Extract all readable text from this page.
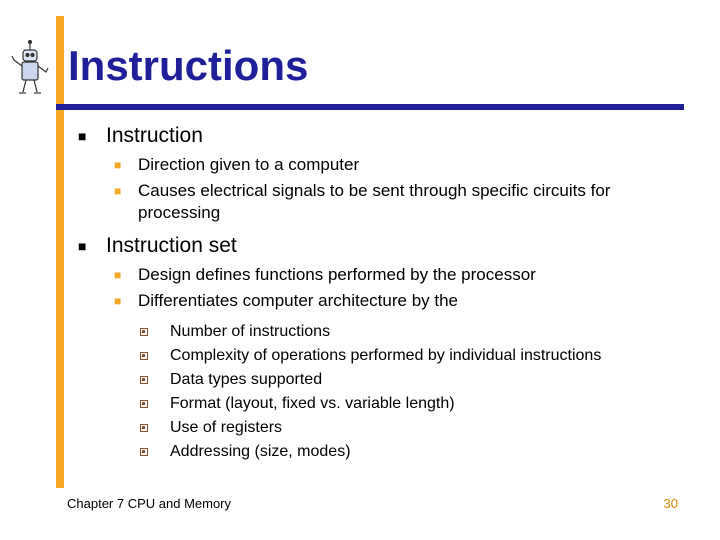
Instructions
■ Instruction
■ Direction given to a computer
■ Causes electrical signals to be sent through specific circuits for processing
■ Instruction set
■ Design defines functions performed by the processor
■ Differentiates computer architecture by the
Number of instructions
Complexity of operations performed by individual instructions
Data types supported
Format (layout, fixed vs. variable length)
Use of registers
Addressing (size, modes)
Chapter 7 CPU and Memory	30
